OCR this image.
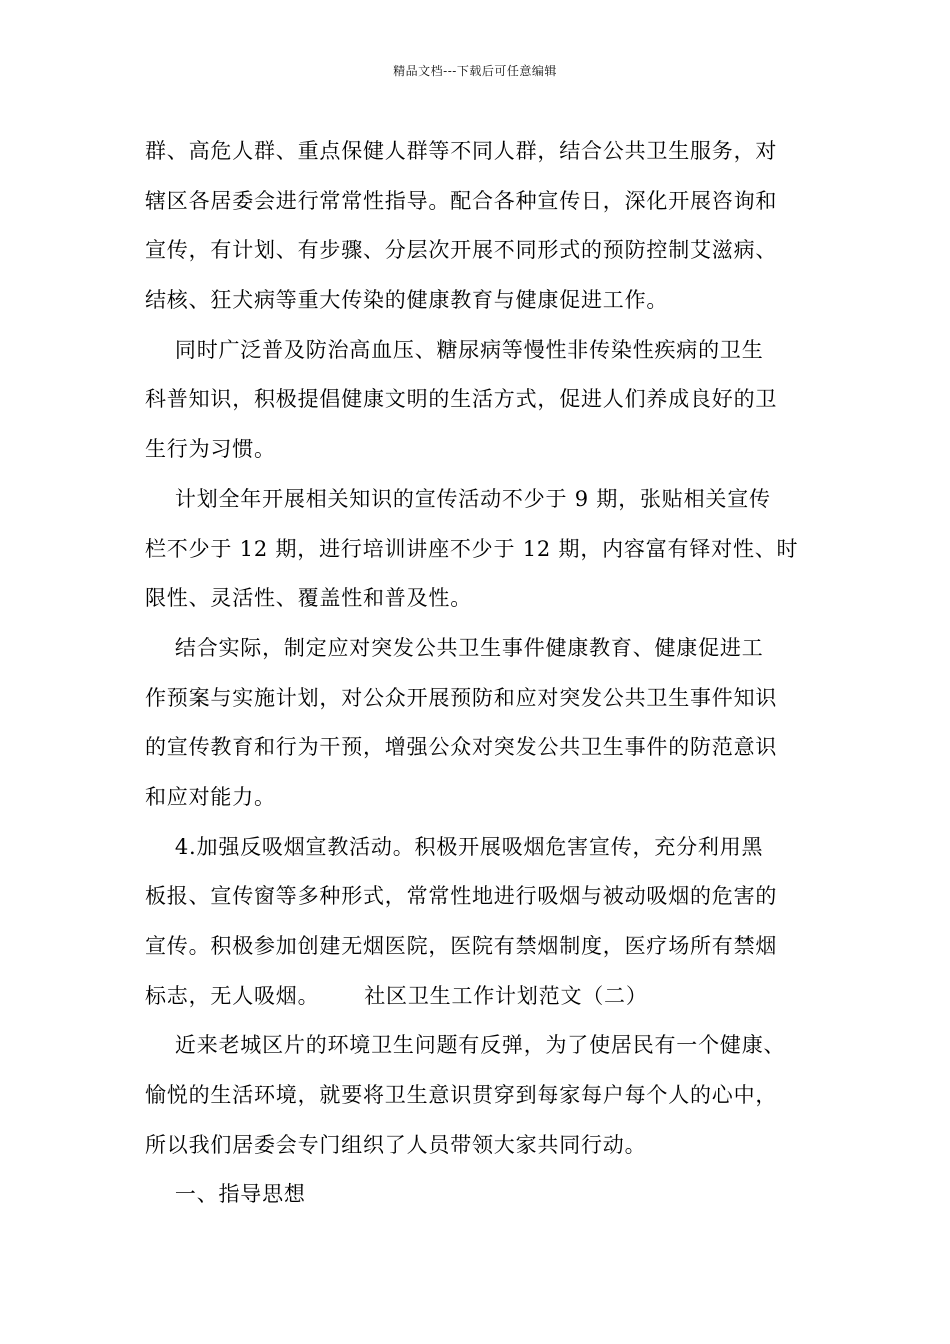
精品文档---下载后可任意编辑
群、高危人群、重点保健人群等不同人群，结合公共卫生服务，对
辖区各居委会进行常常性指导。配合各种宣传日，深化开展咨询和
宣传，有计划、有步骤、分层次开展不同形式的预防控制艾滋病、
结核、狂犬病等重大传染的健康教育与健康促进工作。
同时广泛普及防治高血压、糖尿病等慢性非传染性疾病的卫生
科普知识，积极提倡健康文明的生活方式，促进人们养成良好的卫
生行为习惯。
计划全年开展相关知识的宣传活动不少于 9 期，张贴相关宣传
栏不少于 12 期，进行培训讲座不少于 12 期，内容富有铎对性、时
限性、灵活性、覆盖性和普及性。
结合实际，制定应对突发公共卫生事件健康教育、健康促进工
作预案与实施计划，对公众开展预防和应对突发公共卫生事件知识
的宣传教育和行为干预，增强公众对突发公共卫生事件的防范意识
和应对能力。
4.加强反吸烟宣教活动。积极开展吸烟危害宣传，充分利用黑
板报、宣传窗等多种形式，常常性地进行吸烟与被动吸烟的危害的
宣传。积极参加创建无烟医院，医院有禁烟制度，医疗场所有禁烟
标志，无人吸烟。      社区卫生工作计划范文（二）
近来老城区片的环境卫生问题有反弹，为了使居民有一个健康、
愉悦的生活环境，就要将卫生意识贯穿到每家每户每个人的心中，
所以我们居委会专门组织了人员带领大家共同行动。
一、指导思想
